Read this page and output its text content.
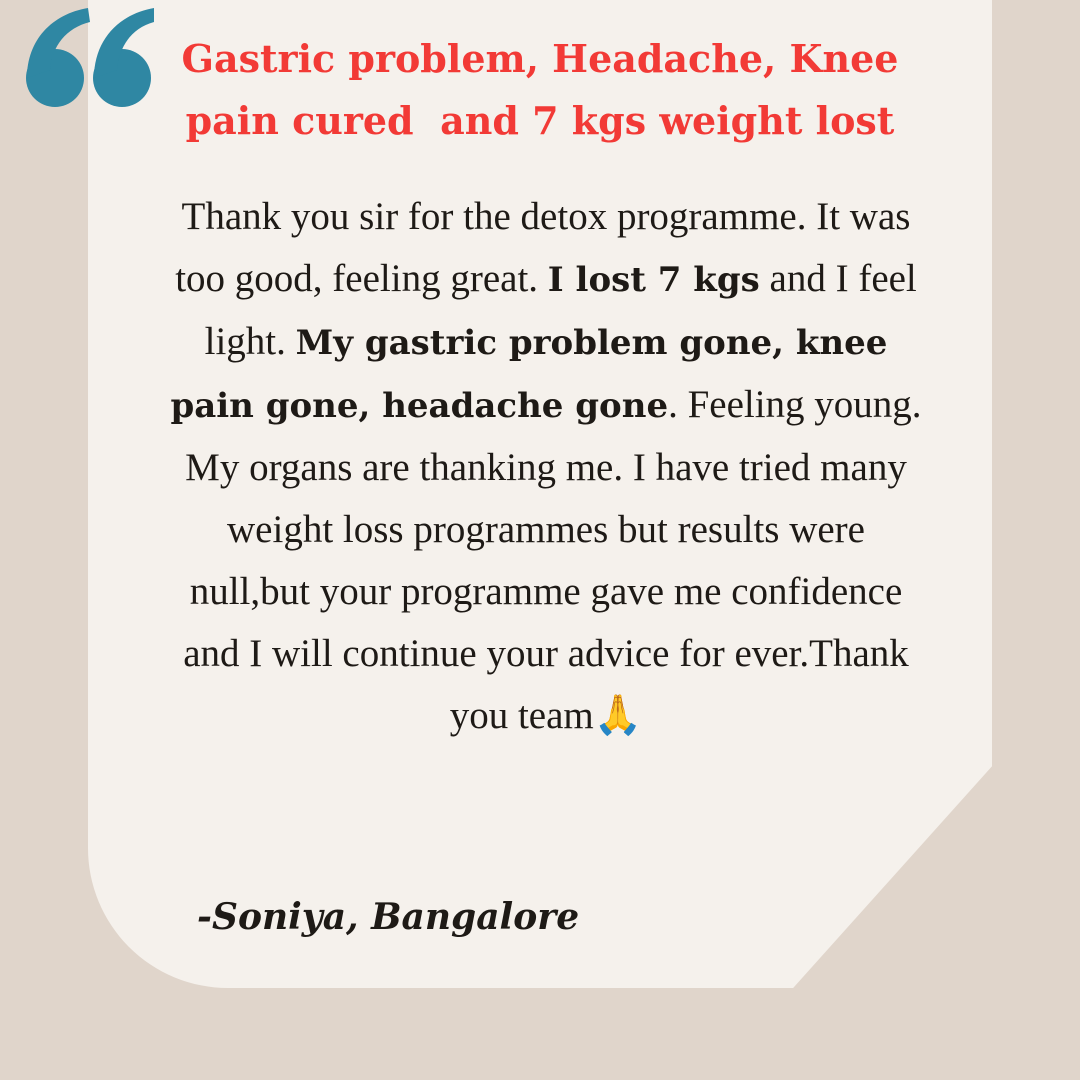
Gastric problem, Headache, Knee
pain cured  and 7 kgs weight lost

Thank you sir for the detox programme. It was too good, feeling great. I lost 7 kgs and I feel light. My gastric problem gone, knee pain gone, headache gone. Feeling young. My organs are thanking me. I have tried many weight loss programmes but results were null,but your programme gave me confidence and I will continue your advice for ever.Thank you team🙏

-Soniya, Bangalore
